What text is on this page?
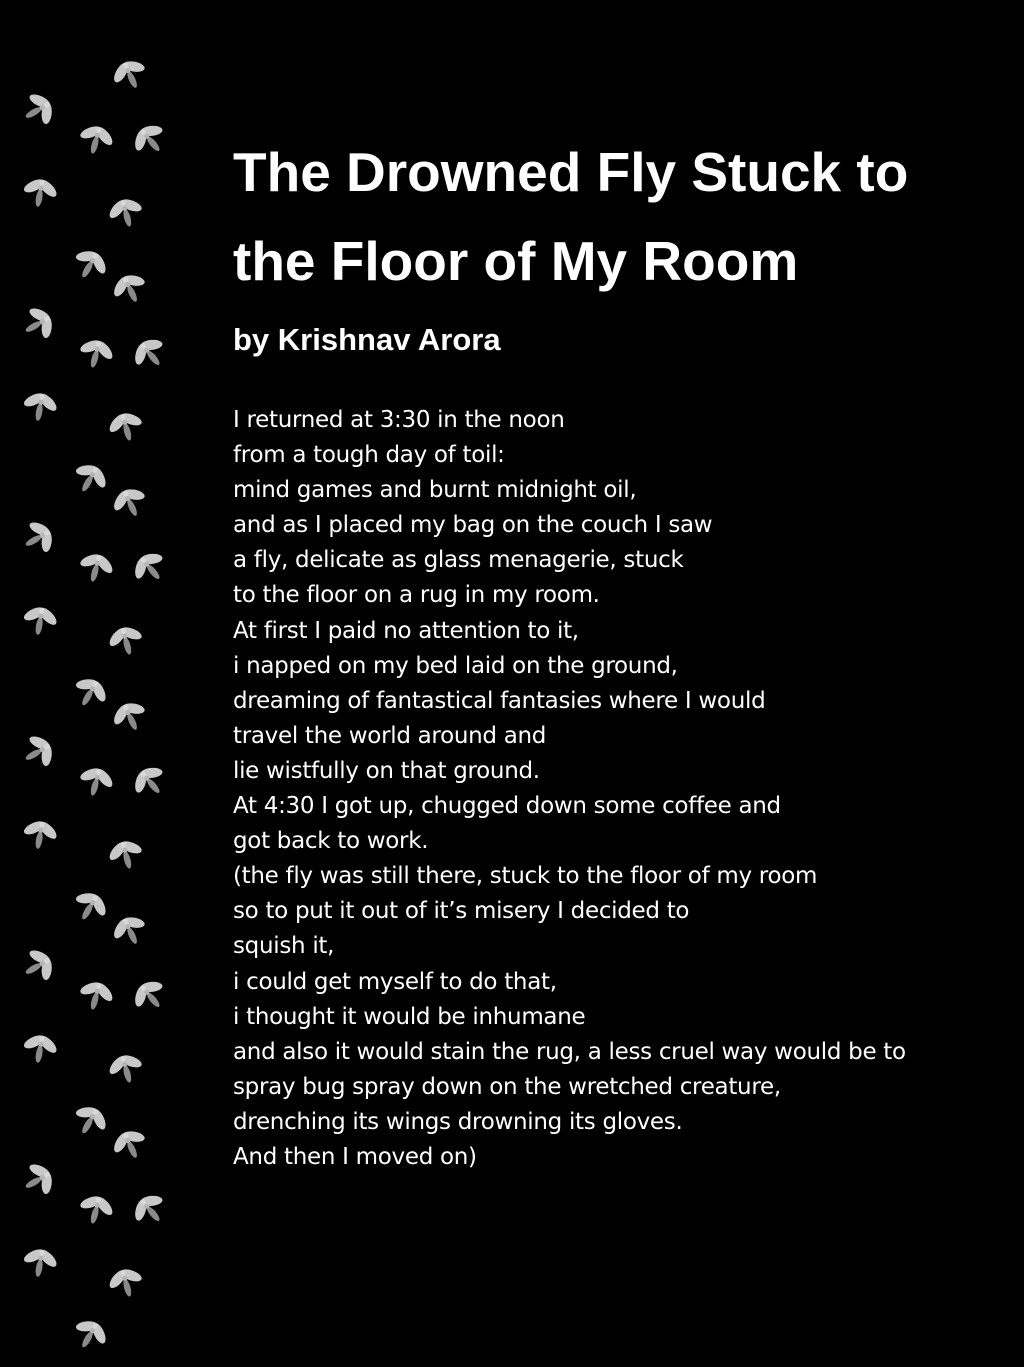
The Drowned Fly Stuck to the Floor of My Room
by Krishnav Arora
I returned at 3:30 in the noon
from a tough day of toil:
mind games and burnt midnight oil,
and as I placed my bag on the couch I saw
a fly, delicate as glass menagerie, stuck
to the floor on a rug in my room.
At first I paid no attention to it,
i napped on my bed laid on the ground,
dreaming of fantastical fantasies where I would
travel the world around and
lie wistfully on that ground.
At 4:30 I got up, chugged down some coffee and
got back to work.
(the fly was still there, stuck to the floor of my room
so to put it out of it’s misery I decided to
squish it,
i could get myself to do that,
i thought it would be inhumane
and also it would stain the rug, a less cruel way would be to
spray bug spray down on the wretched creature,
drenching its wings drowning its gloves.
And then I moved on)
